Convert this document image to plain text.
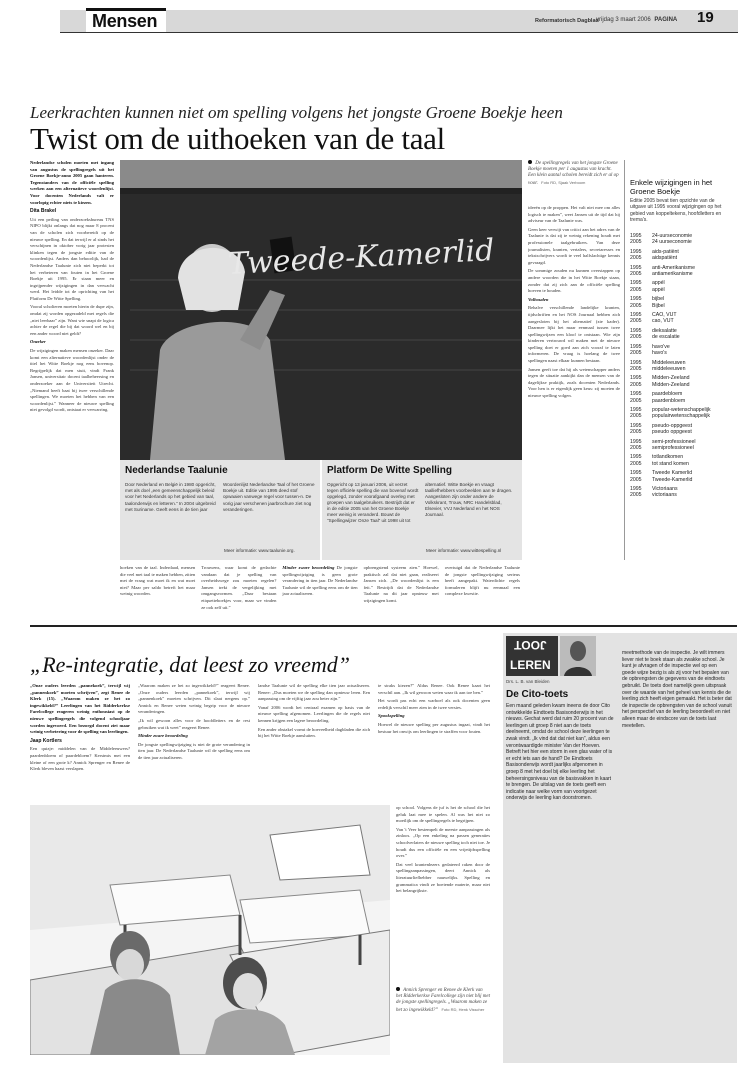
Mensen	Reformatorisch Dagblad
vrijdag 3 maart 2006 PAGINA 19
Leerkrachten kunnen niet om spelling volgens het jongste Groene Boekje heen
Twist om de uithoeken van de taal

Nederlandse scholen moeten met ingang van augustus de spellingregels uit het Groene Boekje-anno 2005 gaan hanteren. Tegenstanders van de officiële spelling werken aan een alternatieve woordenlijst. Voor docenten Nederlands valt er voorlopig echter niets te kiezen.

Dita Brakel

Uit een peiling van onderzoeksbureau TNS NIPO blijkt onlangs dat nog maar 8 procent van de scholen zich voorbereidt op de nieuwe spelling. En dat terwijl er al sinds het verschijnen in oktober vorig jaar protesten klinken tegen de jongste editie van de woordenlijst. Anders dan behoorlijk, had de Nederlandse Taalunie zich niet beperkt tot het verbeteren van fouten in het Groene Boekje uit 1995. Er staan meer en ingrijpender wijzigingen in dan verwacht werd. Het leidde tot de oprichting van het Platform De Witte Spelling.

Vooral scholieren moeten hierin de dupe zijn, omdat zij worden opgezadeld met regels die „niet leerbaar” zijn. Want wie snapt de logica achter de regel die bij dat woord wel en bij een ander woord niet geldt?

Onzeker

De wijzigingen maken mensen onzeker. Daar komt een alternatieve woordenlijst onder de titel het Witte Boekje nog eens bovenop. Begrijpelijk dat men stuit, vindt Frank Jansen, universitair docent taalbeheersing en onderzoeker aan de Universiteit Utrecht. „Niemand heeft baat bij twee verschillende spellingen. We moeten het hebben van een woordenlijst.” Wanneer de nieuwe spelling niet gevolgd wordt, ontstaat er verwarring.

Tweede-Kamerlid
De spellingregels van het jongste Groene Boekje moeten per 1 augustus van kracht. Een klein aantal scholen bereidt zich er al op voor. Foto RD, Sjaak Verboom

ideeën op de proppen. Het valt niet mee om alles logisch te maken”, weet Jansen uit de tijd dat hij adviseur van de Taalunie was.

Geen keer verwijt van critici aan het adres van de Taalunie is dat zij te weinig rekening houdt met professionele taalgebruikers. Van deze journalisten, kranten, vertalers, secretaresses en tekstschrijvers wordt te veel halfslachtige kennis gevraagd.

De sommige zouden nu kunnen overstappen op andere woorden die in het Witte Boekje staan, zonder dat zij zich aan de officiële spelling hoeven te houden.

Volhouden

Behalve verschillende landelijke kranten, tijdschriften en het NOS Journaal hebben zich aangesloten bij het alternatief (zie kader). Daarmee lijkt het maar eenmaal tussen twee spellingwijzen een kloof te ontstaan. Wie zijn kinderen vertrouwd wil maken met de nieuwe spelling doet er goed aan zich vooraf te laten informeren. De vraag is hoelang de twee spellingen naast elkaar kunnen bestaan.

Jansen geeft toe dat hij als wetenschapper anders tegen de situatie aankijkt dan de mensen van de dagelijkse praktijk, zoals docenten Nederlands. Voor hen is er eigenlijk geen keus: zij moeten de nieuwe spelling volgen.

Enkele wijzigingen in het Groene Boekje
Editie 2005 bevat tien opzichte van de uitgave uit 1995 vooral wijzigingen op het gebied van koppeltekens, hoofdletters en trema's.
1995	24-uurseconomie
2005	24 uurseconomie
1995	aids-patiënt
2005	aidspatiënt
1995	anti-Amerikanisme
2005	antiamerikanisme
1995	appél
2005	appèl
1995	bijbel
2005	Bijbel
1995	CAO, VUT
2005	cao, VUT
1995	dieksalatte
2005	de escalatie
1995	havo've
2005	havo's
1995	Middeleeuwen
2005	middeleeuwen
1995	Midden-Zeeland
2005	Midden-Zeeland
1995	paardebloem
2005	paardenbloem
1995	popular-wetenschappelijk
2005	populairwetenschappelijk
1995	pseudo-oppgeest
2005	pseudo oppgeest
1995	semi-professioneel
2005	semiprofessioneel
1995	totlandkomen
2005	tot stand komen
1995	Tweede Kamerlid
2005	Tweede-Kamerlid
1995	Victoriaans
2005	victoriaans
Nederlandse Taalunie
Door Nederland en België in 1980 opgericht, met als doel „een gemeenschappelijk beleid voor het Nederlands op het gebied van taal, taalonderwijs en letteren.” In 2004 uitgebreid met Suriname. Geeft eens in de tien jaar Woordenlijst Nederlandse Taal of het Groene Boekje uit. Editie van 1995 deed stof opwaaien vanwege regel voor tussen-n. De vorig jaar verschenen jaarbrochure ziet nog veranderingen.
Meer informatie: www.taalunie.org.
Platform De Witte Spelling
Opgericht op 13 januari 2006, uit verzet tegen officiële spelling die van bovenaf wordt opgelegd, zonder voorafgaand overleg met groepen van taalgebruikers. Bestrijdt dat er in de editie 2005 van het Groene Boekje meer weinig is veranderd. Bouwt de "Spellingwijzer Onze Taal" uit 1998 uit tot alternatief. Witte Boekje en vraagt taalliefhebbers voorbeelden aan te dragen. Aangesloten zijn onder andere de Volkskrant, Trouw, NRC Handelsblad, Elsevier, VVJ Nederland en het NOS Journaal.
Meer informatie: www.wittespelling.nl

hoeken van de taal. Inderdaad, mensen die veel met taal te maken hebben, zitten met de vraag wat moet ik en wat moet niet? Maar per saldo betreft het maar weinig woorden.

Trouwens, waar komt de gedachte vandaan dat je spelling van overheidswege zou moeten regelen? Jansen trekt de vergelijking met omgangsvormen. „Daar bestaan etiquetteboekjes voor, maar we vinden ze ook zelf uit.”

Minder zware beoordeling De jongste spellingwijziging is geen grote verandering in tien jaar. De Nederlandse Taalunie wil de spelling eens om de tien jaar actualiseren.

opbrengstend systeem zien.” Hoewel, praktisch zal dat niet gaan, realiseert Jansen zich. „De woordenlijst is een feit.” Bestrijdt dat de Nederlandse Taalunie na dit jaar opnieuw met wijzigingen komt.

overtuigd dat de Nederlandse Taalunie de jongste spellingwijziging serieus heeft aangepakt. Waterdichte regels formuleren blijft nu eenmaal een complexe kwestie.

„Re-integratie, dat leest zo vreemd”

„Onze ouders leerden „pannekoek”, terwijl wij „pannenkoek” moeten schrijven”, zegt Renee de Klerk (15). „Waarom maken ze het zo ingewikkeld?” Leerlingen van het Ridderkerkse Farelcollege reageren weinig enthousiast op de nieuwe spellingregels die volgend schooljaar worden ingevoerd. Een bezorgd docent ziet maar weinig verbetering voor de spelling van leerlingen.

Jaap Kortlers

Een quizje: middelen van de Middeleeuwers? paardenbloem of paardebloem? Kerstmis met een kleine of een grote k? Annick Sprenger en Renee de Klerk bleven haast verslapen.

„Waarom maken ze het zo ingewikkeld?” reageert Renee. „Onze ouders leerden „pannekoek”, terwijl wij „pannenkoek” moeten schrijven. Dit slaat nergens op.” Annick en Renee weten weinig begrip voor de nieuwe veranderingen.

„Ik wil gewoon alles voor de hoofdletters en de rest gebruiken wat ik weet” reageert Renee.

Minder zware beoordeling

De jongste spellingwijziging is niet de grote verandering in tien jaar. De Nederlandse Taalunie wil de spelling eens om de tien jaar actualiseren.

landse Taalunie wil de spelling elke tien jaar actualiseren. Renee: „Dus moeten we de spelling dan opnieuw leren. Een aanpassing om de vijftig jaar zou beter zijn.”

Vanaf 2006 wordt het centraal examen op basis van de nieuwe spelling afgenomen. Leerlingen die de regels niet kennen krijgen een lagere beoordeling.

Een ander obstakel vormt de hoeveelheid dagbladen die zich bij het Witte Boekje aansluiten.

te straks kiezen?” Aldus Renee. Ook Renee kaart het verschil aan. „Ik wil gewoon weten waar ik aan toe ben.”

Het wordt pas echt een warboel als ook docenten geen redelijk verschil meer zien in de twee versies.

Spookspelling

Hoewel de nieuwe spelling per augustus ingaat, vindt het bestuur het onwijs om leerlingen te straffen voor fouten.

op school. Volgens de juf is het de school die het geluk laat mee te spelen. Al was het niet zo moeilijk om de spellingregels te begrijpen.

Van 't Veer bestempelt de meeste aanpassingen als zinloos. „Op een enkeling na passen generaties schoolverlaters de nieuwe spelling toch niet toe. Je houdt dus een officiële en een vrijetijdsspelling over.”

Dat veel krantenlezers gedateerd raken door de spellingaanpassingen, deert Annick als literatuurliefhebber nauwelijks. Spelling en grammatica vindt ze boeiende materie, maar niet het belangrijkste.

Annick Sprenger en Renee de Klerk van het Ridderkerkse Farelcollege zijn niet blij met de jongste spellingregels. „Waarom maken ze het zo ingewikkeld?” Foto RD, Henk Visscher
JOOT
LEREN
Drs. L. B. van Bleiden
De Cito-toets
Een maand geleden kwam ineens de door Cito ontwikkelde Eindtoets Basisonderwijs in het nieuws. Gechat werd dat ruim 20 procent van de leerlingen uit groep 8 niet aan de toets deelneemt, omdat de school deze leerlingen te zwak vindt. „Ik vind dat dat niet kan”, aldus een verontwaardigde minister Van der Hoeven. Betreft het hier een storm in een glas water of is er echt iets aan de hand? De Eindtoets Basisonderwijs wordt jaarlijks afgenomen in groep 8 met het doel bij elke leerling het beheersingsniveau van de basisvakken in kaart te brengen. De uitslag van de toets geeft een indicatie naar welke vorm van voortgezet onderwijs de leerling kan doorstromen.
meetmethode van de inspectie. Je wilt immers liever niet te boek staan als zwakke school. Je kunt je afvragen of de inspectie wel op een goede wijze bezig is als zij voor het bepalen van de opbrengsten de gegevens van de eindtoets gebruikt. De toets doet namelijk geen uitspraak over de waarde van het geheel van kennis die de leerling zich heeft eigen gemaakt. Het is beter dat de inspectie de opbrengsten van de school vanuit het perspectief van de leerling beoordeelt en niet alleen maar de eindscore van de toets laat meetellen.
